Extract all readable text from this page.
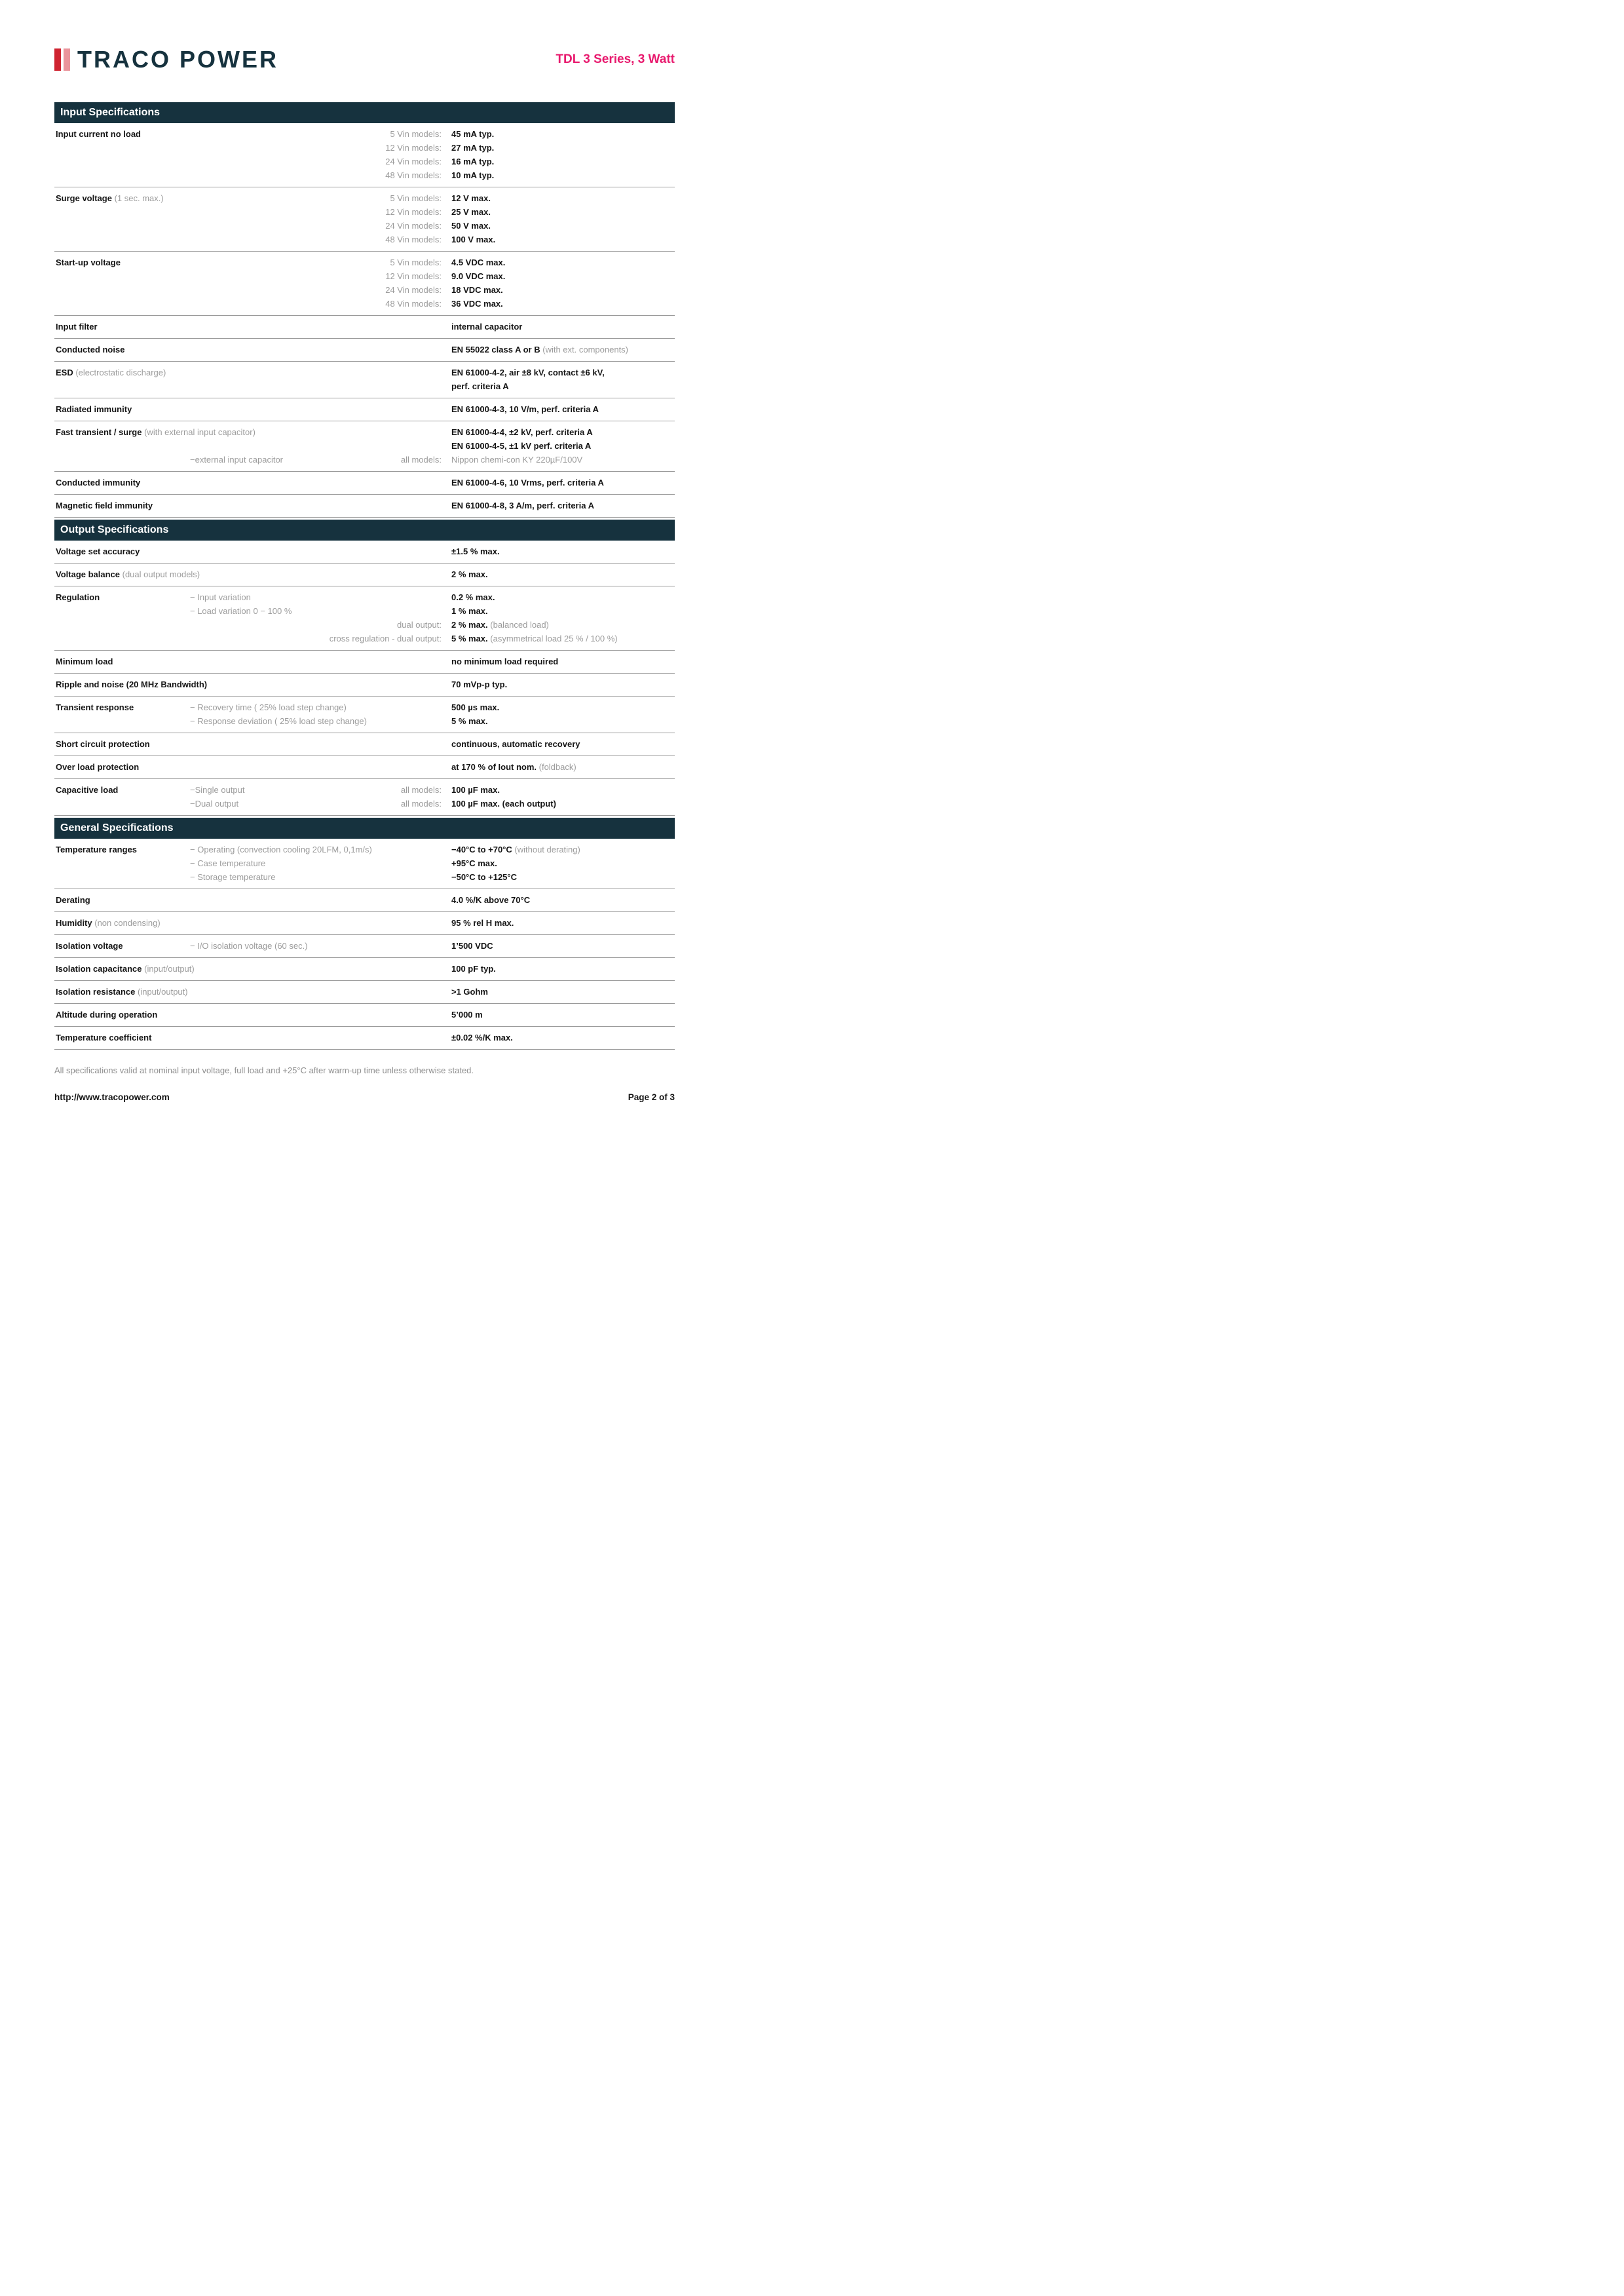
TRACO POWER	TDL 3 Series, 3 Watt
Input Specifications
Input current no load	5 Vin models: 45 mA typ.
12 Vin models: 27 mA typ.
24 Vin models: 16 mA typ.
48 Vin models: 10 mA typ.
Surge voltage (1 sec. max.)	5 Vin models: 12 V max.
12 Vin models: 25 V max.
24 Vin models: 50 V max.
48 Vin models: 100 V max.
Start-up voltage	5 Vin models: 4.5 VDC max.
12 Vin models: 9.0 VDC max.
24 Vin models: 18 VDC max.
48 Vin models: 36 VDC max.
Input filter	internal capacitor
Conducted noise	EN 55022 class A or B (with ext. components)
ESD (electrostatic discharge)	EN 61000-4-2, air ±8 kV, contact ±6 kV,
perf. criteria A
Radiated immunity	EN 61000-4-3, 10 V/m, perf. criteria A
Fast transient / surge (with external input capacitor)	EN 61000-4-4, ±2 kV, perf. criteria A
EN 61000-4-5, ±1 kV perf. criteria A
−external input capacitor	all models: Nippon chemi-con KY 220µF/100V
Conducted immunity	EN 61000-4-6, 10 Vrms, perf. criteria A
Magnetic field immunity	EN 61000-4-8, 3 A/m, perf. criteria A
Output Specifications
Voltage set accuracy	±1.5 % max.
Voltage balance (dual output models)	2 % max.
Regulation	− Input variation	0.2 % max.
− Load variation 0 − 100 %	1 % max.
dual output: 2 % max. (balanced load)
cross regulation - dual output: 5 % max. (asymmetrical load 25 % / 100 %)
Minimum load	no minimum load required
Ripple and noise (20 MHz Bandwidth)	70 mVp-p typ.
Transient response	− Recovery time ( 25% load step change)	500 µs max.
− Response deviation ( 25% load step change)	5 % max.
Short circuit protection	continuous, automatic recovery
Over load protection	at 170 % of Iout nom. (foldback)
Capacitive load	−Single output	all models: 100 µF max.
−Dual output	all models: 100 µF max. (each output)
General Specifications
Temperature ranges	− Operating (convection cooling 20LFM, 0,1m/s)	−40°C to +70°C (without derating)
− Case temperature	+95°C max.
− Storage temperature	−50°C to +125°C
Derating	4.0 %/K above 70°C
Humidity (non condensing)	95 % rel H max.
Isolation voltage	− I/O isolation voltage (60 sec.)	1’500 VDC
Isolation capacitance (input/output)	100 pF typ.
Isolation resistance (input/output)	>1 Gohm
Altitude during operation	5’000 m
Temperature coefficient	±0.02 %/K max.
All specifications valid at nominal input voltage, full load and +25°C after warm-up time unless otherwise stated.
http://www.tracopower.com	Page 2 of 3
